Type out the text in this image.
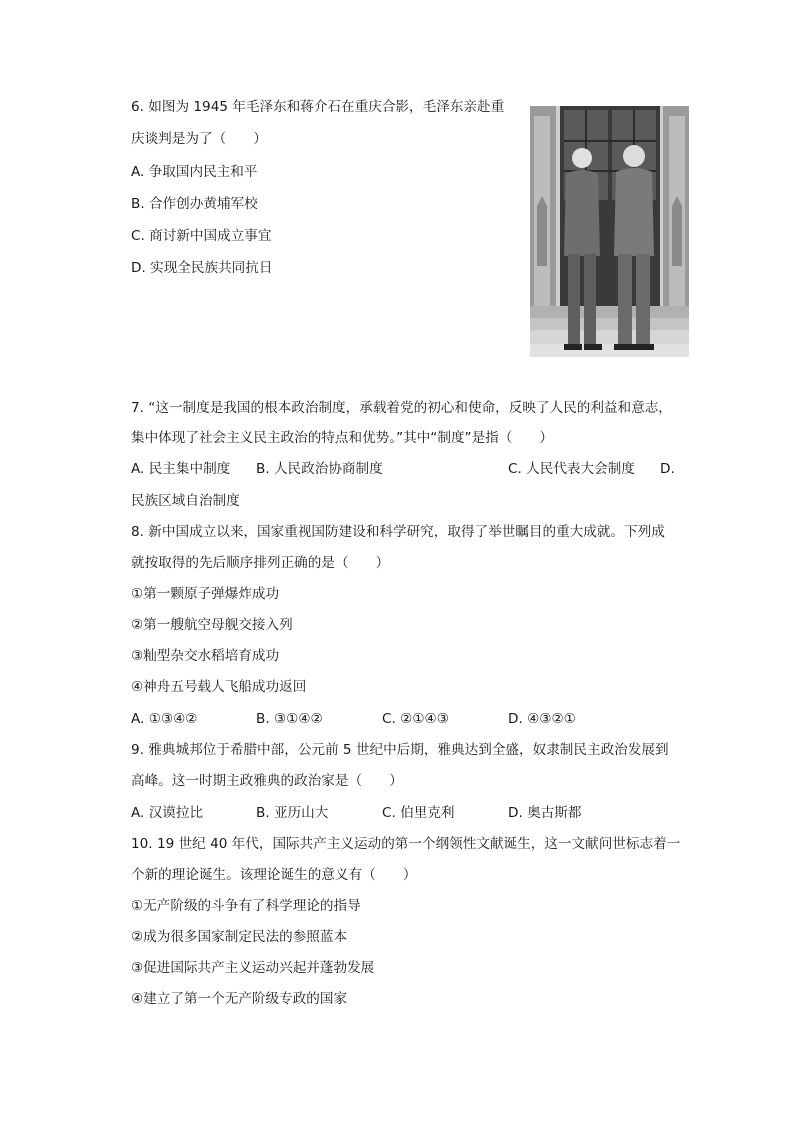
6. 如图为 1945 年毛泽东和蒋介石在重庆合影，毛泽东亲赴重
庆谈判是为了（　　）
A. 争取国内民主和平
B. 合作创办黄埔军校
C. 商讨新中国成立事宜
D. 实现全民族共同抗日
7. “这一制度是我国的根本政治制度，承载着党的初心和使命，反映了人民的利益和意志，
集中体现了社会主义民主政治的特点和优势。”其中“制度”是指（　　）
A. 民主集中制度 B. 人民政治协商制度	C. 人民代表大会制度 D.
民族区域自治制度
8. 新中国成立以来，国家重视国防建设和科学研究，取得了举世瞩目的重大成就。下列成
就按取得的先后顺序排列正确的是（　　）
①第一颗原子弹爆炸成功
②第一艘航空母舰交接入列
③籼型杂交水稻培育成功
④神舟五号载人飞船成功返回
A. ①③④②	B. ③①④②	C. ②①④③	D. ④③②①
9. 雅典城邦位于希腊中部，公元前 5 世纪中后期，雅典达到全盛，奴隶制民主政治发展到
高峰。这一时期主政雅典的政治家是（　　）
A. 汉谟拉比	B. 亚历山大	C. 伯里克利	D. 奥古斯都
10. 19 世纪 40 年代，国际共产主义运动的第一个纲领性文献诞生，这一文献问世标志着一
个新的理论诞生。该理论诞生的意义有（　　）
①无产阶级的斗争有了科学理论的指导
②成为很多国家制定民法的参照蓝本
③促进国际共产主义运动兴起并蓬勃发展
④建立了第一个无产阶级专政的国家
